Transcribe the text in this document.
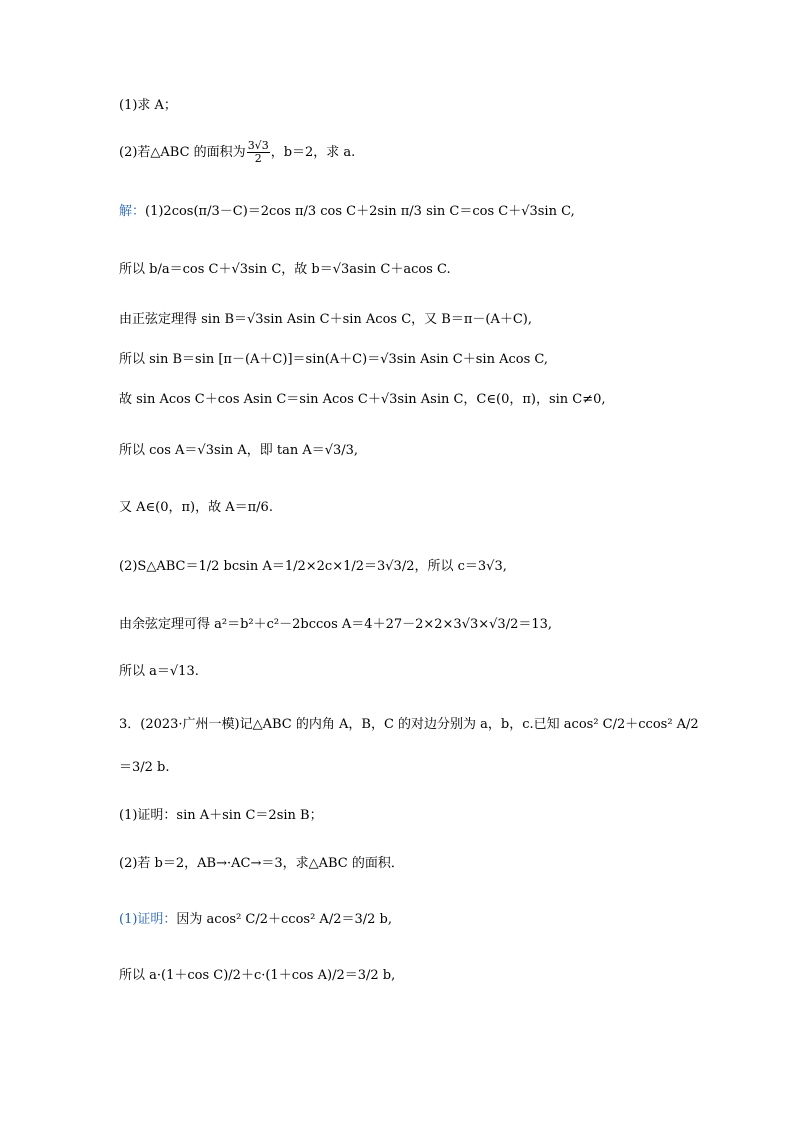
(1)求 A；
(2)若△ABC 的面积为 $\frac{3√3}{2}$ ，b＝2，求 a.
解：(1)2cos(π/3－C)＝2cos π/3 cos C＋2sin π/3 sin C＝cos C＋√3sin C,
所以 b/a＝cos C＋√3sin C，故 b＝√3asin C＋acos C.
由正弦定理得 sin B＝√3sin Asin C＋sin Acos C，又 B＝π－(A＋C),
所以 sin B＝sin [π－(A＋C)]＝sin(A＋C)＝√3sin Asin C＋sin Acos C,
故 sin Acos C＋cos Asin C＝sin Acos C＋√3sin Asin C，C∈(0，π)，sin C≠0,
所以 cos A＝√3sin A，即 tan A＝√3/3,
又 A∈(0，π)，故 A＝π/6.
(2)S△ABC＝1/2 bcsin A＝1/2×2c×1/2＝3√3/2，所以 c＝3√3,
由余弦定理可得 a²＝b²＋c²－2bccos A＝4＋27－2×2×3√3×√3/2＝13,
所以 a＝√13.
3．(2023·广州一模)记△ABC 的内角 A，B，C 的对边分别为 a，b，c.已知 acos² C/2＋ccos² A/2
＝3/2 b.
(1)证明：sin A＋sin C＝2sin B；
(2)若 b＝2，AB→·AC→＝3，求△ABC 的面积．
(1)证明：因为 acos² C/2＋ccos² A/2＝3/2 b,
所以 a·(1＋cos C)/2＋c·(1＋cos A)/2＝3/2 b,
